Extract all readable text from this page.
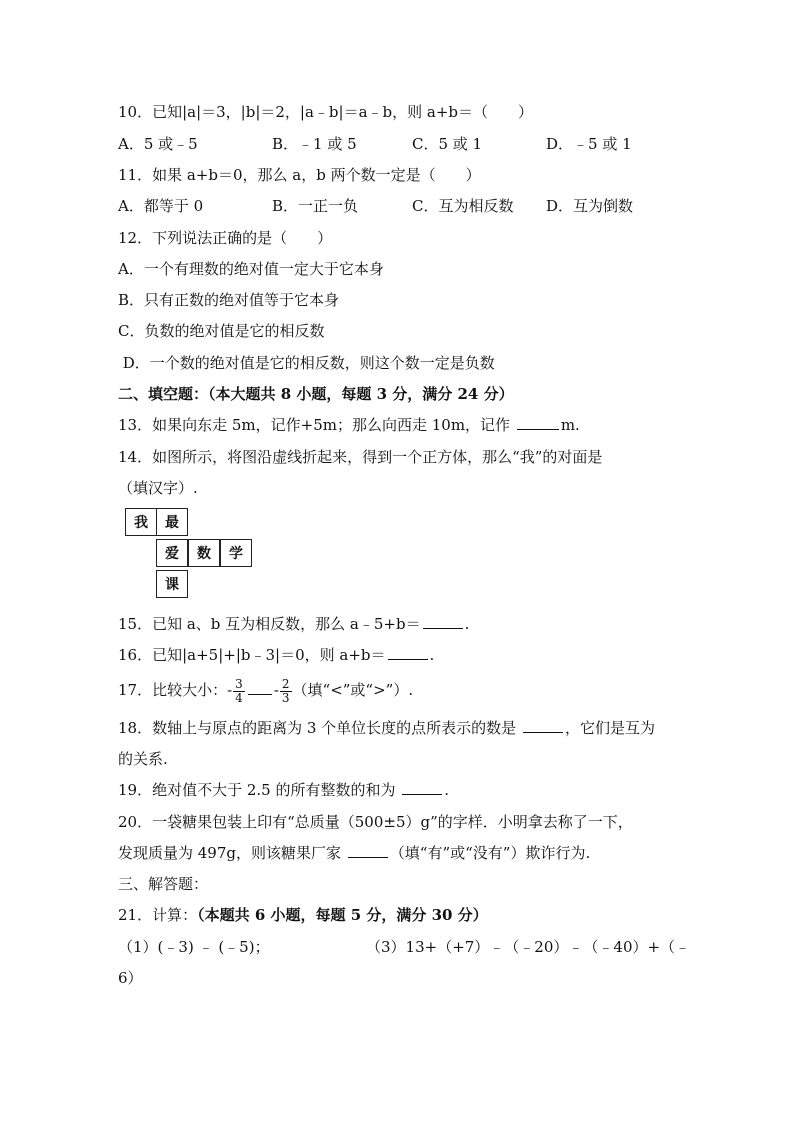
10．已知|a|＝3，|b|＝2，|a﹣b|＝a﹣b，则 a+b＝（　　）
A．5 或﹣5	B．﹣1 或 5	C．5 或 1	D．﹣5 或 1
11．如果 a+b＝0，那么 a，b 两个数一定是（　　）
A．都等于 0	B．一正一负	C．互为相反数 D．互为倒数
12．下列说法正确的是（　　）
A．一个有理数的绝对值一定大于它本身
B．只有正数的绝对值等于它本身
C．负数的绝对值是它的相反数
D．一个数的绝对值是它的相反数，则这个数一定是负数
二、填空题：（本大题共 8 小题，每题 3 分，满分 24 分）
13．如果向东走 5m，记作+5m；那么向西走 10m，记作	m.
14．如图所示，将图沿虚线折起来，得到一个正方体，那么“我”的对面是
（填汉字）.
我	最
爱	数	学
课
15．已知 a、b 互为相反数，那么 a﹣5+b＝	.
16．已知|a+5|+|b﹣3|＝0，则 a+b＝	.
17．比较大小：- $\frac{3}{4} - \frac{2}{3}$ （填“<”或“>”）.
18．数轴上与原点的距离为 3 个单位长度的点所表示的数是	，它们是互为
的关系.
19．绝对值不大于 2.5 的所有整数的和为	.
20．一袋糖果包装上印有“总质量（500±5）g”的字样．小明拿去称了一下，
发现质量为 497g，则该糖果厂家	（填“有”或“没有”）欺诈行为.
三、解答题：
21．计算：（本题共 6 小题，每题 5 分，满分 30 分）
（1）(﹣3) ﹣ (﹣5)；	（3）13+（+7）﹣（﹣20）﹣（﹣40）+（﹣
6）
